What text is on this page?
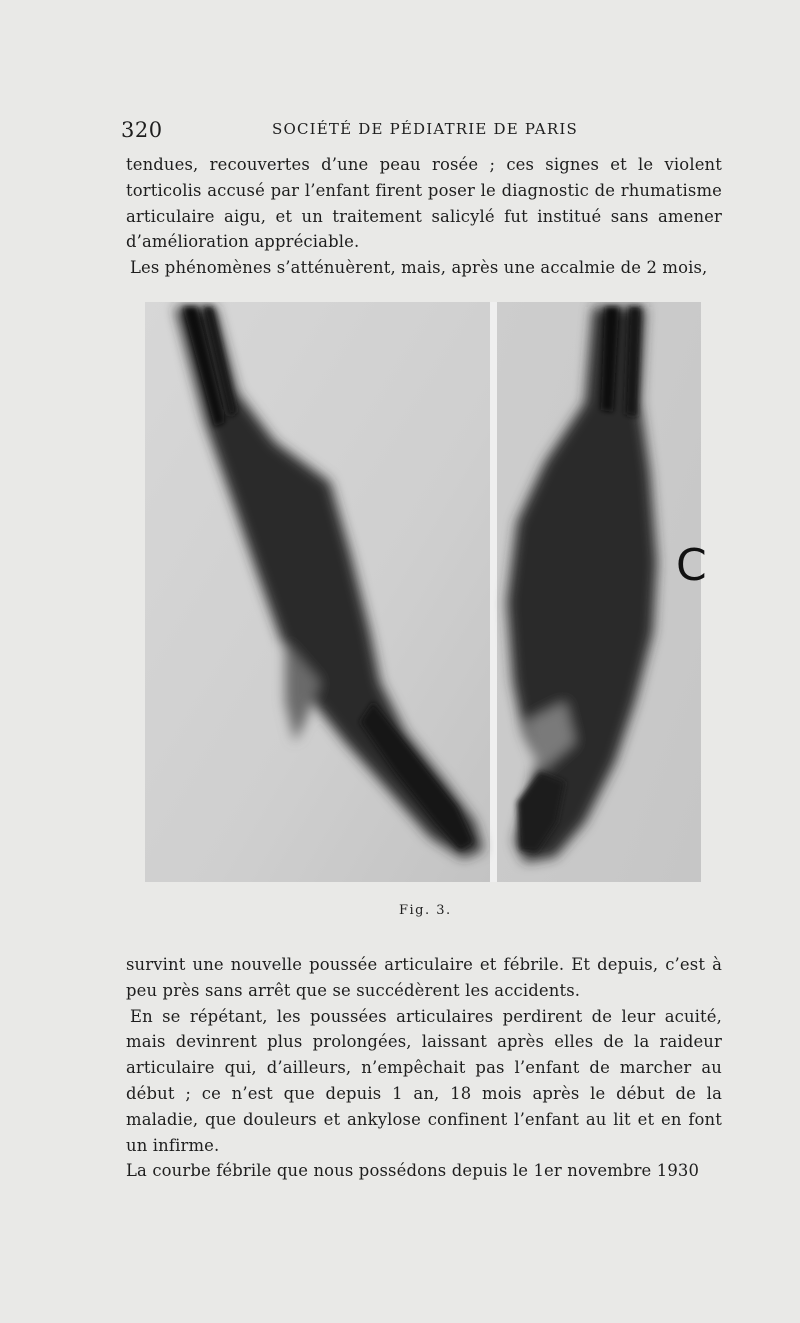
320	SOCIÉTÉ DE PÉDIATRIE DE PARIS

tendues, recouvertes d’une peau rosée ; ces signes et le violent torticolis accusé par l’enfant firent poser le diagnostic de rhumatisme articulaire aigu, et un traitement salicylé fut institué sans amener d’amélioration appréciable.

Les phénomènes s’atténuèrent, mais, après une accalmie de 2 mois,

C
Fig. 3.

survint une nouvelle poussée articulaire et fébrile. Et depuis, c’est à peu près sans arrêt que se succédèrent les accidents.

En se répétant, les poussées articulaires perdirent de leur acuité, mais devinrent plus prolongées, laissant après elles de la raideur articulaire qui, d’ailleurs, n’empêchait pas l’enfant de marcher au début ; ce n’est que depuis 1 an, 18 mois après le début de la maladie, que douleurs et ankylose confinent l’enfant au lit et en font un infirme.

La courbe fébrile que nous possédons depuis le 1er novembre 1930
